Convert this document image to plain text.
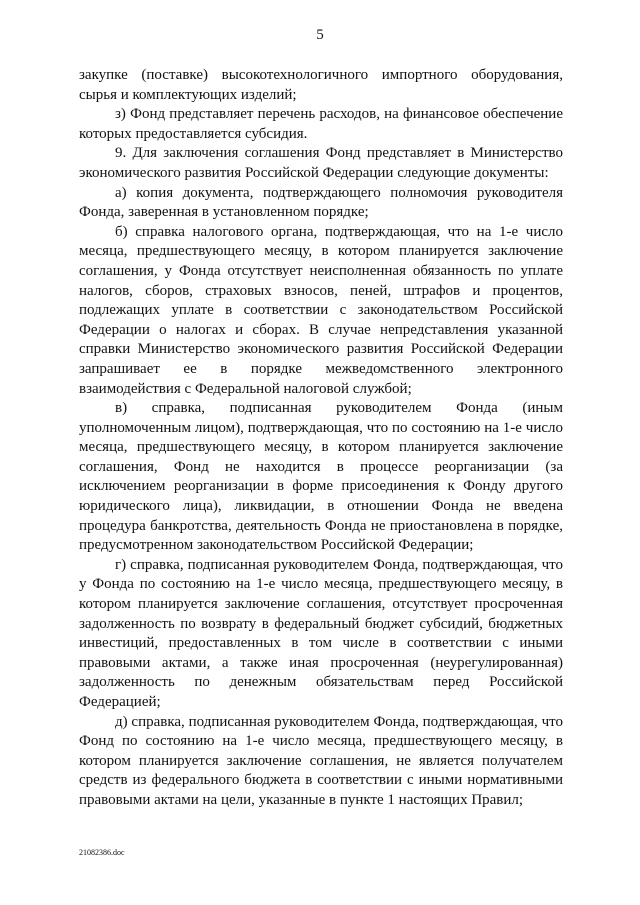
5

закупке (поставке) высокотехнологичного импортного оборудования, сырья и комплектующих изделий;

з) Фонд представляет перечень расходов, на финансовое обеспечение которых предоставляется субсидия.

9. Для заключения соглашения Фонд представляет в Министерство экономического развития Российской Федерации следующие документы:

а) копия документа, подтверждающего полномочия руководителя Фонда, заверенная в установленном порядке;

б) справка налогового органа, подтверждающая, что на 1-е число месяца, предшествующего месяцу, в котором планируется заключение соглашения, у Фонда отсутствует неисполненная обязанность по уплате налогов, сборов, страховых взносов, пеней, штрафов и процентов, подлежащих уплате в соответствии с законодательством Российской Федерации о налогах и сборах. В случае непредставления указанной справки Министерство экономического развития Российской Федерации запрашивает ее в порядке межведомственного электронного взаимодействия с Федеральной налоговой службой;

в) справка, подписанная руководителем Фонда (иным уполномоченным лицом), подтверждающая, что по состоянию на 1-е число месяца, предшествующего месяцу, в котором планируется заключение соглашения, Фонд не находится в процессе реорганизации (за исключением реорганизации в форме присоединения к Фонду другого юридического лица), ликвидации, в отношении Фонда не введена процедура банкротства, деятельность Фонда не приостановлена в порядке, предусмотренном законодательством Российской Федерации;

г) справка, подписанная руководителем Фонда, подтверждающая, что у Фонда по состоянию на 1-е число месяца, предшествующего месяцу, в котором планируется заключение соглашения, отсутствует просроченная задолженность по возврату в федеральный бюджет субсидий, бюджетных инвестиций, предоставленных в том числе в соответствии с иными правовыми актами, а также иная просроченная (неурегулированная) задолженность по денежным обязательствам перед Российской Федерацией;

д) справка, подписанная руководителем Фонда, подтверждающая, что Фонд по состоянию на 1-е число месяца, предшествующего месяцу, в котором планируется заключение соглашения, не является получателем средств из федерального бюджета в соответствии с иными нормативными правовыми актами на цели, указанные в пункте 1 настоящих Правил;

21082386.doc
